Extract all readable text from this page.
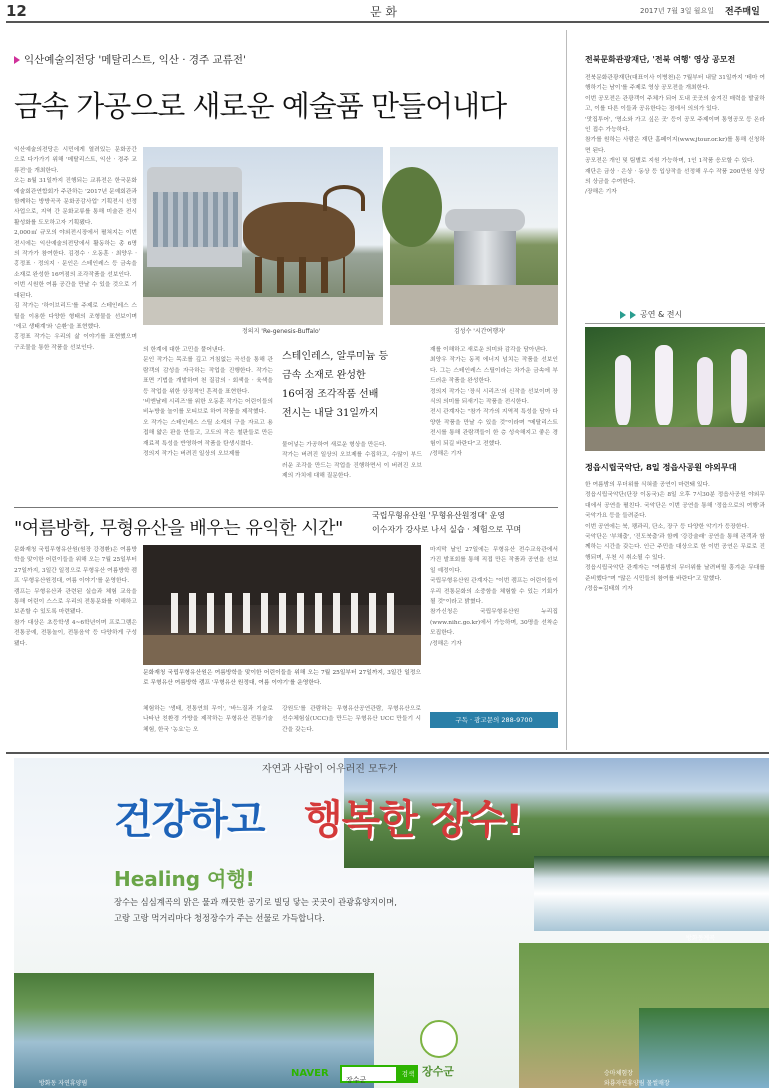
12	문 화	2017년 7월 3일 월요일 전주매일
익산예술의전당 '메탈리스트, 익산 · 경주 교류전'
금속 가공으로 새로운 예술품 만들어내다
익산예술의전당은 시민에게 열려있는 문화공간으로 다가가기 위해 '메탈리스트, 익산 · 경주 교류전'을 개최한다.
오는 8월 31일까지 진행되는 교류전은 한국문화예술회관연합회가 주관하는 '2017년 문예회관과 함께하는 방방곡곡 문화공감사업' 기획전시 선정사업으로, 지역 간 문화교류를 통해 미술관 전시 활성화를 도모하고자 기획됐다.
2,000㎡ 규모의 야외전시장에서 펼쳐지는 이번 전시에는 익산예술의전당에서 활동하는 총 6명의 작가가 참여한다. 김경수 · 오동훈 · 최양우 · 홍정표 · 정의지 · 문인은 스테인레스 등 금속을 소재로 완성한 16여점의 조각작품을 선보인다.
이번 시원한 여름 공간을 만날 수 있을 것으로 기대된다.
김 작가는 '하이브리드'를 주제로 스테인레스 스틸을 이용한 다양한 형태의 조형물을 선보이며 '에코 생태계'와 '순환'을 표현했다.
홍정표 작가는 우리의 삶 이야기를 표현했으며 구조물을 통한 작품을 선보인다.
정의지 'Re-genesis-Buffalo'	김성수 '시간여행자'
의 한계에 대한 고민을 풀어낸다.
문인 작가는 목조를 깊고 거침없는 곡선을 통해 관람객의 감성을 자극하는 작업을 진행한다. 작가는 표면 기법을 개발하며 천 질감의 · 회색을 · 육색을 등 작업을 위한 상징적인 흔적을 표현한다.
'비엔날레 시리즈'를 위한 오동훈 작가는 어린이들의 비누방울 놀이를 모티브로 하여 작품을 제작했다.
오 작가는 스테인레스 스틸 소재의 구을 자르고 용접해 얇은 판을 만들고, 고도의 작은 철판들로 만든 재료적 특성을 반영하여 작품을 탄생시켰다.
정의지 작가는 버려진 일상의 오브제를
스테인레스, 알루미늄 등
금속 소재로 완성한
16여점 조각작품 선배
전시는 내달 31일까지
물어넣는 가공하여 새로운 형상을 만든다.
작가는 버려진 일상의 오브제를 수집하고, 수많이 부드러운 조각을 만드는 작업을 진행하면서 이 버려진 오브제의 가치에 대해 질문한다.
재를 이해하고 새로운 의미와 감각을 담아낸다.
최양우 작가는 동적 에너지 넘치는 작품을 선보인다. 그는 스테인레스 스틸이라는 차가운 금속에 부드러운 작품을 완성한다.
정의지 작가는 '장식 시리즈'의 신작을 선보이며 장식의 의미를 되새기는 작품을 전시한다.
전시 관계자는 "참가 작가의 지역적 특성을 담아 다양한 작품을 만날 수 있을 것"이라며 "메탈리스트 전시를 통해 관람객들이 한 층 성숙해지고 좋은 경험이 되길 바란다"고 전했다.
/정해은 기자
전북문화관광재단, '전북 여행' 영상 공모전
전북문화관광재단(대표이사 이병천)은 7월부터 내달 31일까지 '테마 여행하기는 남이'를 주제로 영상 공모전을 개최한다.
이번 공모전은 관광객이 주체가 되어 도내 곳곳의 숨겨진 매력을 발굴하고, 이를 다른 이들과 공유한다는 점에서 의의가 있다.
'맛집투어', '명소와 가고 싶은 곳' 등이 공모 주제이며 통영공모 등 온라인 접수 가능하다.
참가를 원하는 사람은 재단 홈페이지(www.jtour.or.kr)를 통해 신청하면 된다.
공모전은 개인 및 팀별로 지원 가능하며, 1인 1작품 응모할 수 있다.
재단은 금상 · 은상 · 동상 등 입상작을 선정해 우수 작품 200만원 상당의 상금을 수여한다.
/장해은 기자
공연 & 전시
정읍시립국악단, 8일 정읍사공원 야외무대
한 여름밤의 무더위를 식혀줄 공연이 마련돼 있다.
정읍시립국악단(단장 이동국)은 8일 오후 7시30분 정읍사공원 야외무대에서 공연을 펼친다. 국악단은 이번 공연을 통해 '정읍으로의 여행'과 국악가요 등을 들려준다.
이번 공연에는 북, 꽹과리, 단소, 장구 등 다양한 악기가 등장한다.
국악단은 '부채춤', '진도북춤'과 함께 '강강술래' 공연을 통해 관객과 함께하는 시간을 갖는다. 인근 주민을 대상으로 한 이번 공연은 무료로 진행되며, 우천 시 취소될 수 있다.
정읍시립국악단 관계자는 "여름밤의 무더위를 날려버릴 흥겨운 무대를 준비했다"며 "많은 시민들의 참여를 바란다"고 말했다.
/정읍=김태희 기자
"여름방학, 무형유산을 배우는 유익한 시간"
국립무형유산원 '무형유산원정대' 운영
이수자가 강사로 나서 실습 · 체험으로 꾸며
문화재청 국립무형유산원(원장 강경환)은 여름방학을 맞이한 어린이들을 위해 오는 7월 25일부터 27일까지, 3일간 일정으로 무형유산 여름방학 캠프 '무형유산원정대, 여름 이야기'를 운영한다.
캠프는 무형유산과 관련된 실습과 체험 교육을 통해 어린이 스스로 우리의 전통문화를 이해하고 보존할 수 있도록 마련됐다.
참가 대상은 초등학생 4~6학년이며 프로그램은 전통공예, 전통놀이, 전통음악 등 다양하게 구성됐다.
문화재청 국립무형유산원은 여름방학을 맞이한 어린이들을 위해 오는 7월 25일부터 27일까지, 3일간 일정으로 무형유산 여름방학 캠프 '무형유산 원정대, 여름 이야기'를 운영한다.
체험하는 '생태, 전통연희 무이', '바느질과 기술로 나타난 친환경 가방을 제작하는 무형유산 전통기술체험, 한국 '농요'는 오
강원도'를 관람하는 무형유산공연관람, 무형유산으로 선수체험실(UCC)을 만드는 무형유산 UCC 만들기 시간을 갖는다.
마지막 날인 27일에는 무형유산 전수교육관에서 가진 발표회를 통해 직접 만든 작품과 공연을 선보일 예정이다.
국립무형유산원 관계자는 "이번 캠프는 어린이들이 우리 전통문화의 소중함을 체험할 수 있는 기회가 될 것"이라고 밝혔다.
참가신청은 국립무형유산원 누리집(www.nihc.go.kr)에서 가능하며, 30명을 선착순 모집한다.
/정해은 기자
구독 · 광고문의 288-9700
자연과 사람이 어우러진 모두가
건강하고 행복한 장수!
Healing 여행!
장수는 심심계곡의 맑은 물과 깨끗한 공기로 빌딩 닿는 곳곳이 관광휴양지이며,
고랑 고랑 먹거리마다 청정장수가 주는 선물로 가득합니다.
NAVER
장수군
검색 장수군
방화동계곡
승마체험장
와룡자연휴양림 물썰매장
방화동 자연휴양림
